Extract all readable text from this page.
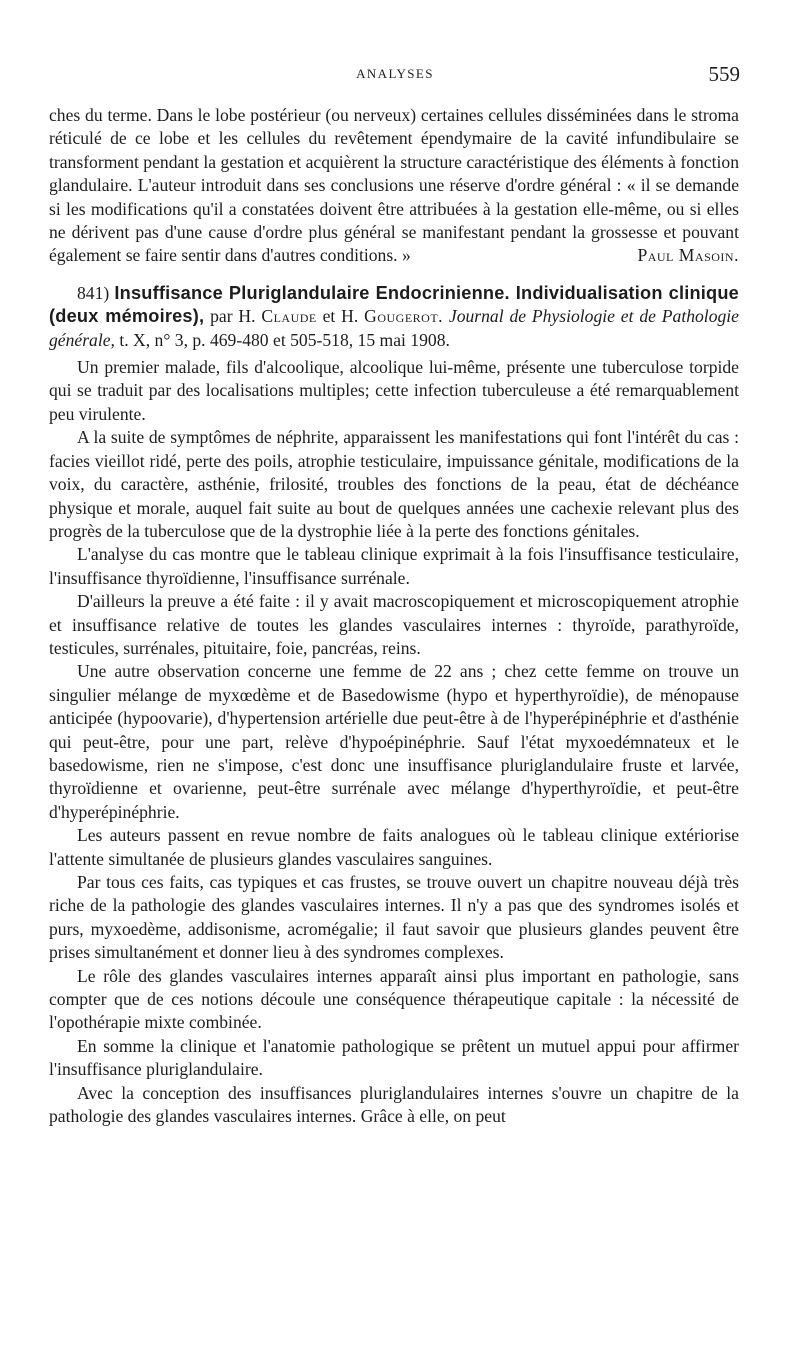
ANALYSES	559

ches du terme. Dans le lobe postérieur (ou nerveux) certaines cellules disséminées dans le stroma réticulé de ce lobe et les cellules du revêtement épendymaire de la cavité infundibulaire se transforment pendant la gestation et acquièrent la structure caractéristique des éléments à fonction glandulaire. L'auteur introduit dans ses conclusions une réserve d'ordre général : « il se demande si les modifications qu'il a constatées doivent être attribuées à la gestation elle-même, ou si elles ne dérivent pas d'une cause d'ordre plus général se manifestant pendant la grossesse et pouvant également se faire sentir dans d'autres conditions. »	Paul Masoin.

841) Insuffisance Pluriglandulaire Endocrinienne. Individualisation clinique (deux mémoires), par H. Claude et H. Gougerot. Journal de Physiologie et de Pathologie générale, t. X, n° 3, p. 469-480 et 505-518, 15 mai 1908.

Un premier malade, fils d'alcoolique, alcoolique lui-même, présente une tuberculose torpide qui se traduit par des localisations multiples; cette infection tuberculeuse a été remarquablement peu virulente.

A la suite de symptômes de néphrite, apparaissent les manifestations qui font l'intérêt du cas : facies vieillot ridé, perte des poils, atrophie testiculaire, impuissance génitale, modifications de la voix, du caractère, asthénie, frilosité, troubles des fonctions de la peau, état de déchéance physique et morale, auquel fait suite au bout de quelques années une cachexie relevant plus des progrès de la tuberculose que de la dystrophie liée à la perte des fonctions génitales.

L'analyse du cas montre que le tableau clinique exprimait à la fois l'insuffisance testiculaire, l'insuffisance thyroïdienne, l'insuffisance surrénale.

D'ailleurs la preuve a été faite : il y avait macroscopiquement et microscopiquement atrophie et insuffisance relative de toutes les glandes vasculaires internes : thyroïde, parathyroïde, testicules, surrénales, pituitaire, foie, pancréas, reins.

Une autre observation concerne une femme de 22 ans ; chez cette femme on trouve un singulier mélange de myxœdème et de Basedowisme (hypo et hyperthyroïdie), de ménopause anticipée (hypoovarie), d'hypertension artérielle due peut-être à de l'hyperépinéphrie et d'asthénie qui peut-être, pour une part, relève d'hypoépinéphrie. Sauf l'état myxoedémnateux et le basedowisme, rien ne s'impose, c'est donc une insuffisance pluriglandulaire fruste et larvée, thyroïdienne et ovarienne, peut-être surrénale avec mélange d'hyperthyroïdie, et peut-être d'hyperépinéphrie.

Les auteurs passent en revue nombre de faits analogues où le tableau clinique extériorise l'attente simultanée de plusieurs glandes vasculaires sanguines.

Par tous ces faits, cas typiques et cas frustes, se trouve ouvert un chapitre nouveau déjà très riche de la pathologie des glandes vasculaires internes. Il n'y a pas que des syndromes isolés et purs, myxoedème, addisonisme, acromégalie; il faut savoir que plusieurs glandes peuvent être prises simultanément et donner lieu à des syndromes complexes.

Le rôle des glandes vasculaires internes apparaît ainsi plus important en pathologie, sans compter que de ces notions découle une conséquence thérapeutique capitale : la nécessité de l'opothérapie mixte combinée.

En somme la clinique et l'anatomie pathologique se prêtent un mutuel appui pour affirmer l'insuffisance pluriglandulaire.

Avec la conception des insuffisances pluriglandulaires internes s'ouvre un chapitre de la pathologie des glandes vasculaires internes. Grâce à elle, on peut
